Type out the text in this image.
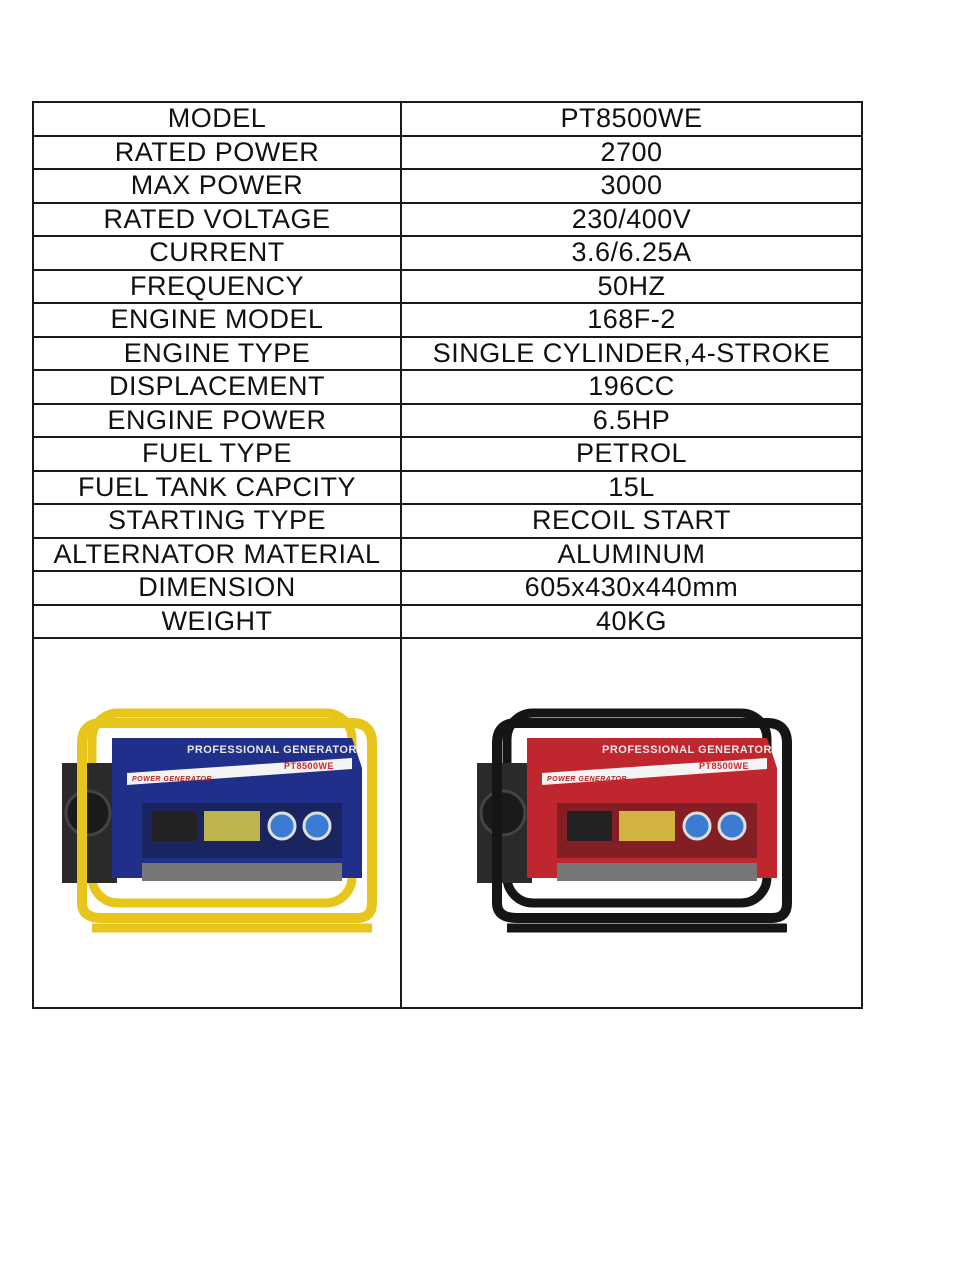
MODEL	PT8500WE
RATED POWER	2700
MAX POWER	3000
RATED VOLTAGE	230/400V
CURRENT	3.6/6.25A
FREQUENCY	50HZ
ENGINE MODEL	168F-2
ENGINE TYPE	SINGLE CYLINDER,4-STROKE
DISPLACEMENT	196CC
ENGINE POWER	6.5HP
FUEL TYPE	PETROL
FUEL TANK CAPCITY	15L
STARTING TYPE	RECOIL START
ALTERNATOR MATERIAL	ALUMINUM
DIMENSION	605x430x440mm
WEIGHT	40KG

PROFESSIONAL GENERATOR
POWER GENERATOR
PT8500WE	PROFESSIONAL GENERATOR
POWER GENERATOR
PT8500WE
